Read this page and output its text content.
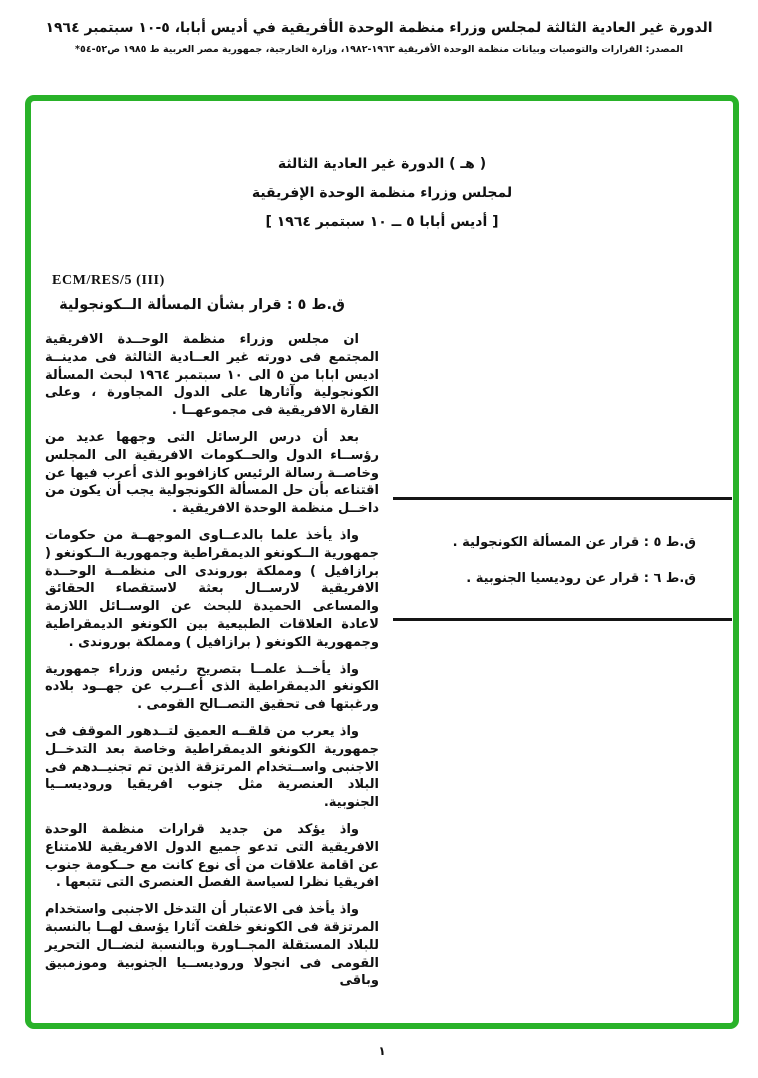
الدورة غير العادية الثالثة لمجلس وزراء منظمة الوحدة الأفريقية في أديس أبابا، ٥-١٠ سبتمبر ١٩٦٤
المصدر: القرارات والتوصيات وبيانات منظمة الوحدة الأفريقية ١٩٦٣-١٩٨٢، وزارة الخارجية، جمهورية مصر العربية ط ١٩٨٥ ص٥٢-٥٤*
( هـ ) الدورة غير العادية الثالثة
لمجلس وزراء منظمة الوحدة الإفريقية
[ أديس أبابا ٥ ــ ١٠ سبتمبر ١٩٦٤ ]
ECM/RES/5 (III)
ق.ط ٥ : قرار بشأن المسألة الــكونجولية

ان مجلس وزراء منظمة الوحــدة الافريقية المجتمع فى دورته غير العــادية الثالثة فى مدينــة اديس ابابا من ٥ الى ١٠ سبتمبر ١٩٦٤ لبحث المسألة الكونجولية وآثارها على الدول المجاورة ، وعلى القارة الافريقية فى مجموعهــا .

بعد أن درس الرسائل التى وجهها عديد من رؤســاء الدول والحــكومات الافريقية الى المجلس وخاصــة رسالة الرئيس كازافوبو الذى أعرب فيها عن اقتناعه بأن حل المسألة الكونجولية يجب أن يكون من داخــل منظمة الوحدة الافريقية .

واذ يأخذ علما بالدعــاوى الموجهــة من حكومات جمهورية الــكونغو الديمقراطية وجمهورية الــكونغو ( برازافيل ) ومملكة بوروندى الى منظمــة الوحــدة الافريقية لارســال بعثة لاستقصاء الحقائق والمساعى الحميدة للبحث عن الوســائل اللازمة لاعادة العلاقات الطبيعية بين الكونغو الديمقراطية وجمهورية الكونغو ( برازافيل ) ومملكة بوروندى .

واذ يأخــذ علمــا بتصريح رئيس وزراء جمهورية الكونغو الديمقراطية الذى أعــرب عن جهــود بلاده ورغبتها فى تحقيق التصــالح القومى .

واذ يعرب من قلقــه العميق لتــدهور الموقف فى جمهورية الكونغو الديمقراطية وخاصة بعد التدخــل الاجنبى واســتخدام المرتزقة الذين تم تجنيــدهم فى البلاد العنصرية مثل جنوب افريقيا وروديســيا الجنوبية.

واذ يؤكد من جديد قرارات منظمة الوحدة الافريقية التى تدعو جميع الدول الافريقية للامتناع عن اقامة علاقات من أى نوع كانت مع حــكومة جنوب افريقيا نظرا لسياسة الفصل العنصرى التى تتبعها .

واذ يأخذ فى الاعتبار أن التدخل الاجنبى واستخدام المرتزقة فى الكونغو خلفت آثارا يؤسف لهــا بالنسبة للبلاد المستقلة المجــاورة وبالنسبة لنضــال التحرير القومى فى انجولا وروديســيا الجنوبية وموزمبيق وباقى

ق.ط ٥ : قرار عن المسألة الكونجولية .
ق.ط ٦ : قرار عن روديسيا الجنوبية .
١
